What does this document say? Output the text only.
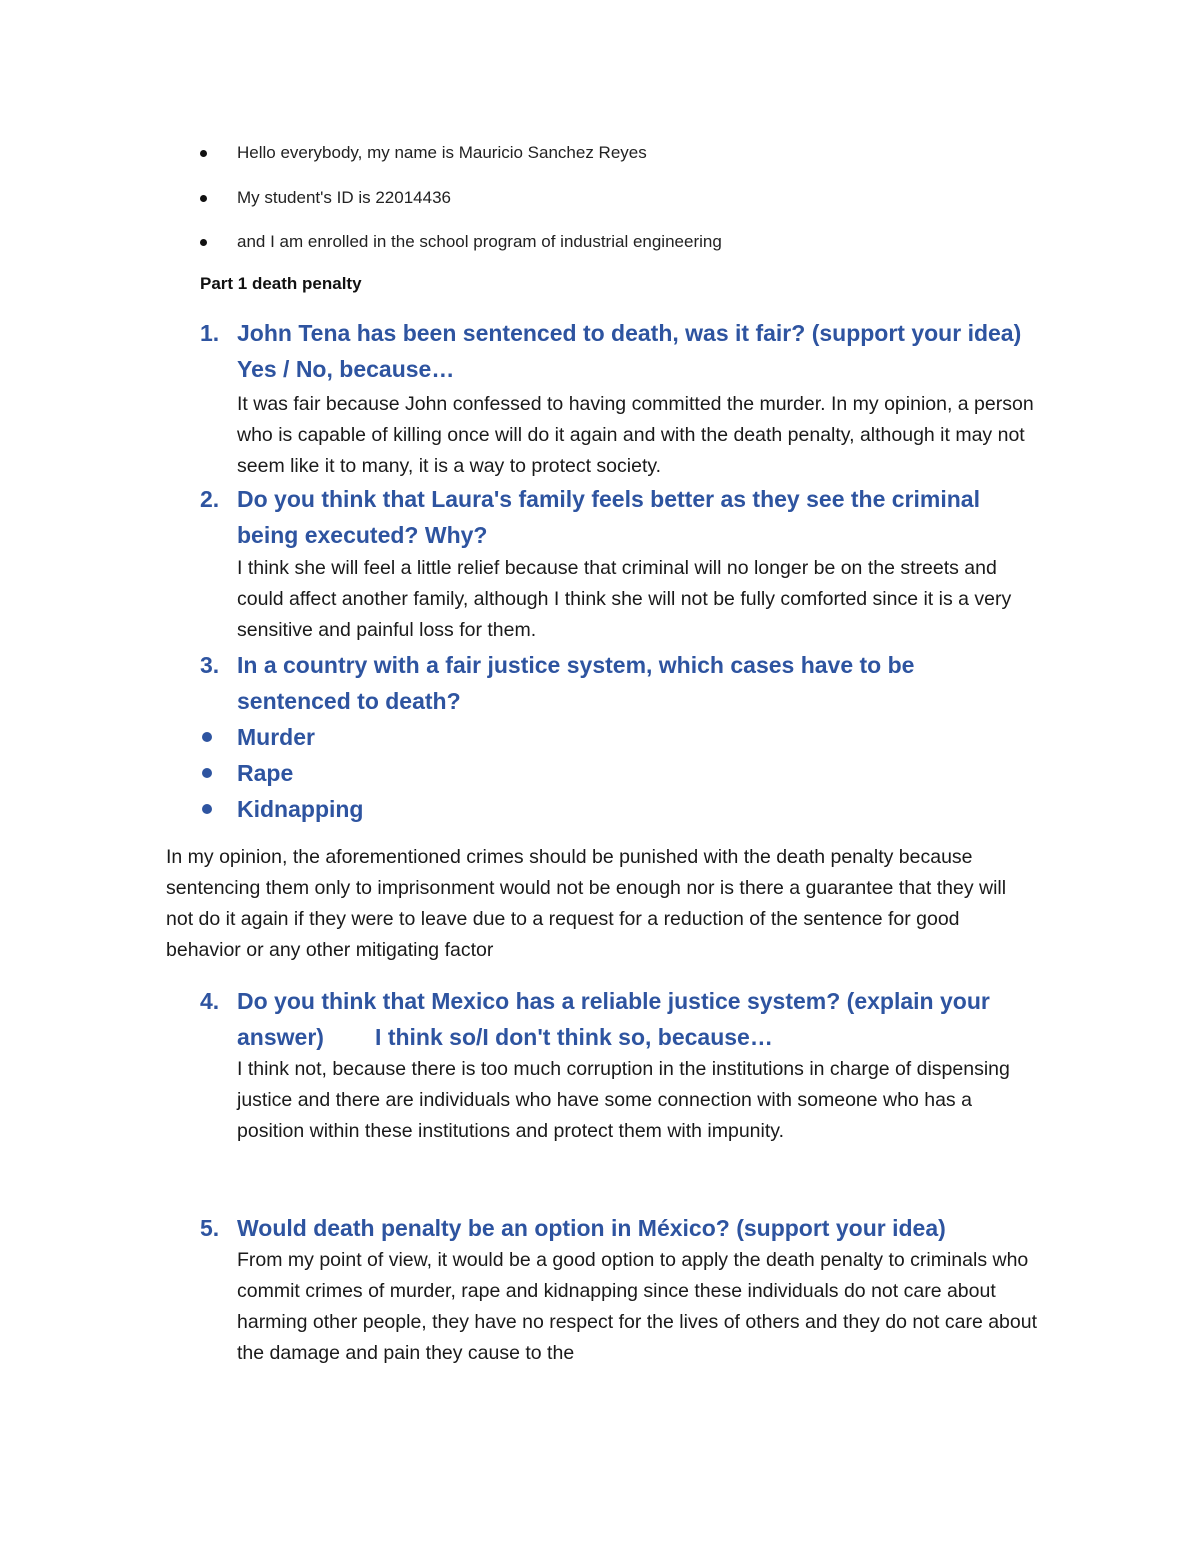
Hello everybody, my name is Mauricio Sanchez Reyes
My student's ID is 22014436
and I am enrolled in the school program of industrial engineering
Part 1 death penalty
1. John Tena has been sentenced to death, was it fair? (support your idea) Yes / No, because…
It was fair because John confessed to having committed the murder. In my opinion, a person who is capable of killing once will do it again and with the death penalty, although it may not seem like it to many, it is a way to protect society.
2. Do you think that Laura's family feels better as they see the criminal being executed? Why?
I think she will feel a little relief because that criminal will no longer be on the streets and could affect another family, although I think she will not be fully comforted since it is a very sensitive and painful loss for them.
3. In a country with a fair justice system, which cases have to be sentenced to death?
Murder
Rape
Kidnapping
In my opinion, the aforementioned crimes should be punished with the death penalty because sentencing them only to imprisonment would not be enough nor is there a guarantee that they will not do it again if they were to leave due to a request for a reduction of the sentence for good behavior or any other mitigating factor
4. Do you think that Mexico has a reliable justice system? (explain your answer)        I think so/I don't think so, because…
I think not, because there is too much corruption in the institutions in charge of dispensing justice and there are individuals who have some connection with someone who has a position within these institutions and protect them with impunity.
5. Would death penalty be an option in México? (support your idea)
From my point of view, it would be a good option to apply the death penalty to criminals who commit crimes of murder, rape and kidnapping since these individuals do not care about harming other people, they have no respect for the lives of others and they do not care about the damage and pain they cause to the
